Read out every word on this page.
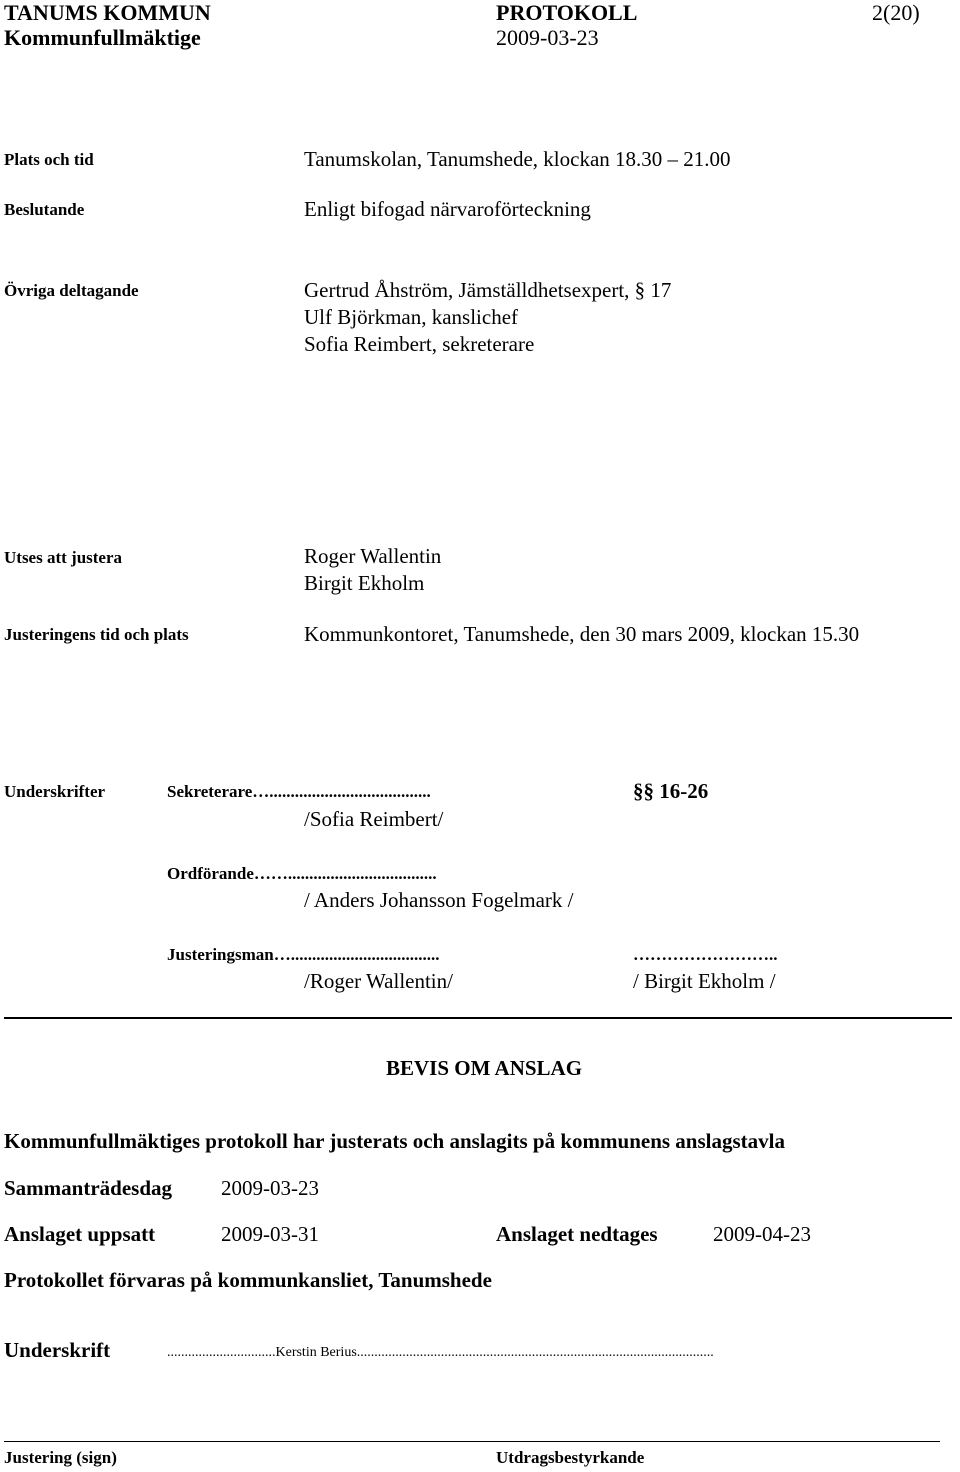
TANUMS KOMMUN	PROTOKOLL	2(20)
Kommunfullmäktige	2009-03-23
Plats och tid	Tanumskolan, Tanumshede, klockan 18.30 – 21.00
Beslutande	Enligt bifogad närvaroförteckning
Övriga deltagande	Gertrud Åhström, Jämställdhetsexpert, § 17
Ulf Björkman, kanslichef
Sofia Reimbert, sekreterare
Utses att justera	Roger Wallentin
Birgit Ekholm
Justeringens tid och plats	Kommunkontoret, Tanumshede, den 30 mars 2009, klockan 15.30
Underskrifter	Sekreterare…......................................	§§ 16-26
/Sofia Reimbert/
Ordförande……...................................
/ Anders Johansson Fogelmark /
Justeringsman…...................................	……………………..
/Roger Wallentin/	/ Birgit Ekholm /
BEVIS OM ANSLAG
Kommunfullmäktiges protokoll har justerats och anslagits på kommunens anslagstavla
Sammanträdesdag 2009-03-23
Anslaget uppsatt	2009-03-31	Anslaget nedtages	2009-04-23
Protokollet förvaras på kommunkansliet, Tanumshede
Underskrift	...............................Kerstin Berius......................................................................................................
Justering (sign)	Utdragsbestyrkande
